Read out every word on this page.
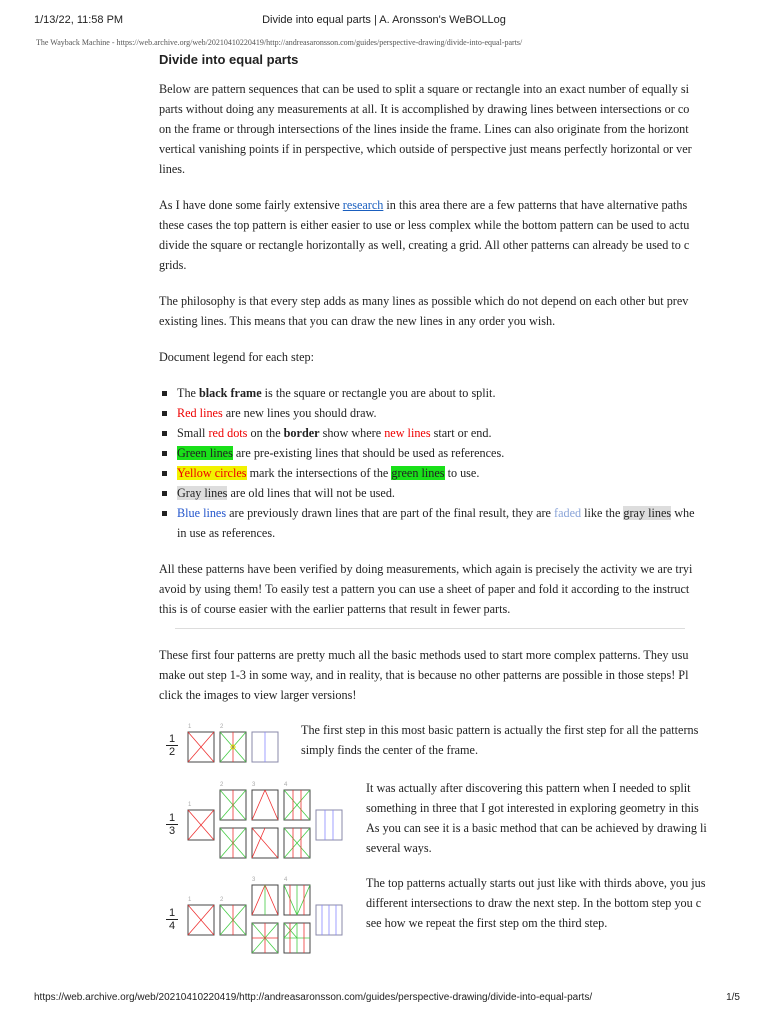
1/13/22, 11:58 PM	Divide into equal parts | A. Aronsson's WeBOLLog
The Wayback Machine - https://web.archive.org/web/20210410220419/http://andreasaronsson.com/guides/perspective-drawing/divide-into-equal-parts/
Divide into equal parts

Below are pattern sequences that can be used to split a square or rectangle into an exact number of equally si
parts without doing any measurements at all. It is accomplished by drawing lines between intersections or co
on the frame or through intersections of the lines inside the frame. Lines can also originate from the horizont
vertical vanishing points if in perspective, which outside of perspective just means perfectly horizontal or ver
lines.

As I have done some fairly extensive research in this area there are a few patterns that have alternative paths
these cases the top pattern is either easier to use or less complex while the bottom pattern can be used to actu
divide the square or rectangle horizontally as well, creating a grid. All other patterns can already be used to c
grids.

The philosophy is that every step adds as many lines as possible which do not depend on each other but prev
existing lines. This means that you can draw the new lines in any order you wish.

Document legend for each step:

The black frame is the square or rectangle you are about to split.
Red lines are new lines you should draw.
Small red dots on the border show where new lines start or end.
Green lines are pre-existing lines that should be used as references.
Yellow circles mark the intersections of the green lines to use.
Gray lines are old lines that will not be used.
Blue lines are previously drawn lines that are part of the final result, they are faded like the gray lines whe
in use as references.

All these patterns have been verified by doing measurements, which again is precisely the activity we are tryi
avoid by using them! To easily test a pattern you can use a sheet of paper and fold it according to the instruct
this is of course easier with the earlier patterns that result in fewer parts.

These first four patterns are pretty much all the basic methods used to start more complex patterns. They usu
make out step 1-3 in some way, and in reality, that is because no other patterns are possible in those steps! Pl
click the images to view larger versions!

$\frac{1}{2}$
1	2	The first step in this most basic pattern is actually the first step for all the patterns
simply finds the center of the frame.
$\frac{1}{3}$
2	3	4
1
It was actually after discovering this pattern when I needed to split
something in three that I got interested in exploring geometry in this
As you can see it is a basic method that can be achieved by drawing li
several ways.
$\frac{1}{4}$
1	2
3	4	The top patterns actually starts out just like with thirds above, you jus
different intersections to draw the next step. In the bottom step you c
see how we repeat the first step om the third step.
https://web.archive.org/web/20210410220419/http://andreasaronsson.com/guides/perspective-drawing/divide-into-equal-parts/	1/5
